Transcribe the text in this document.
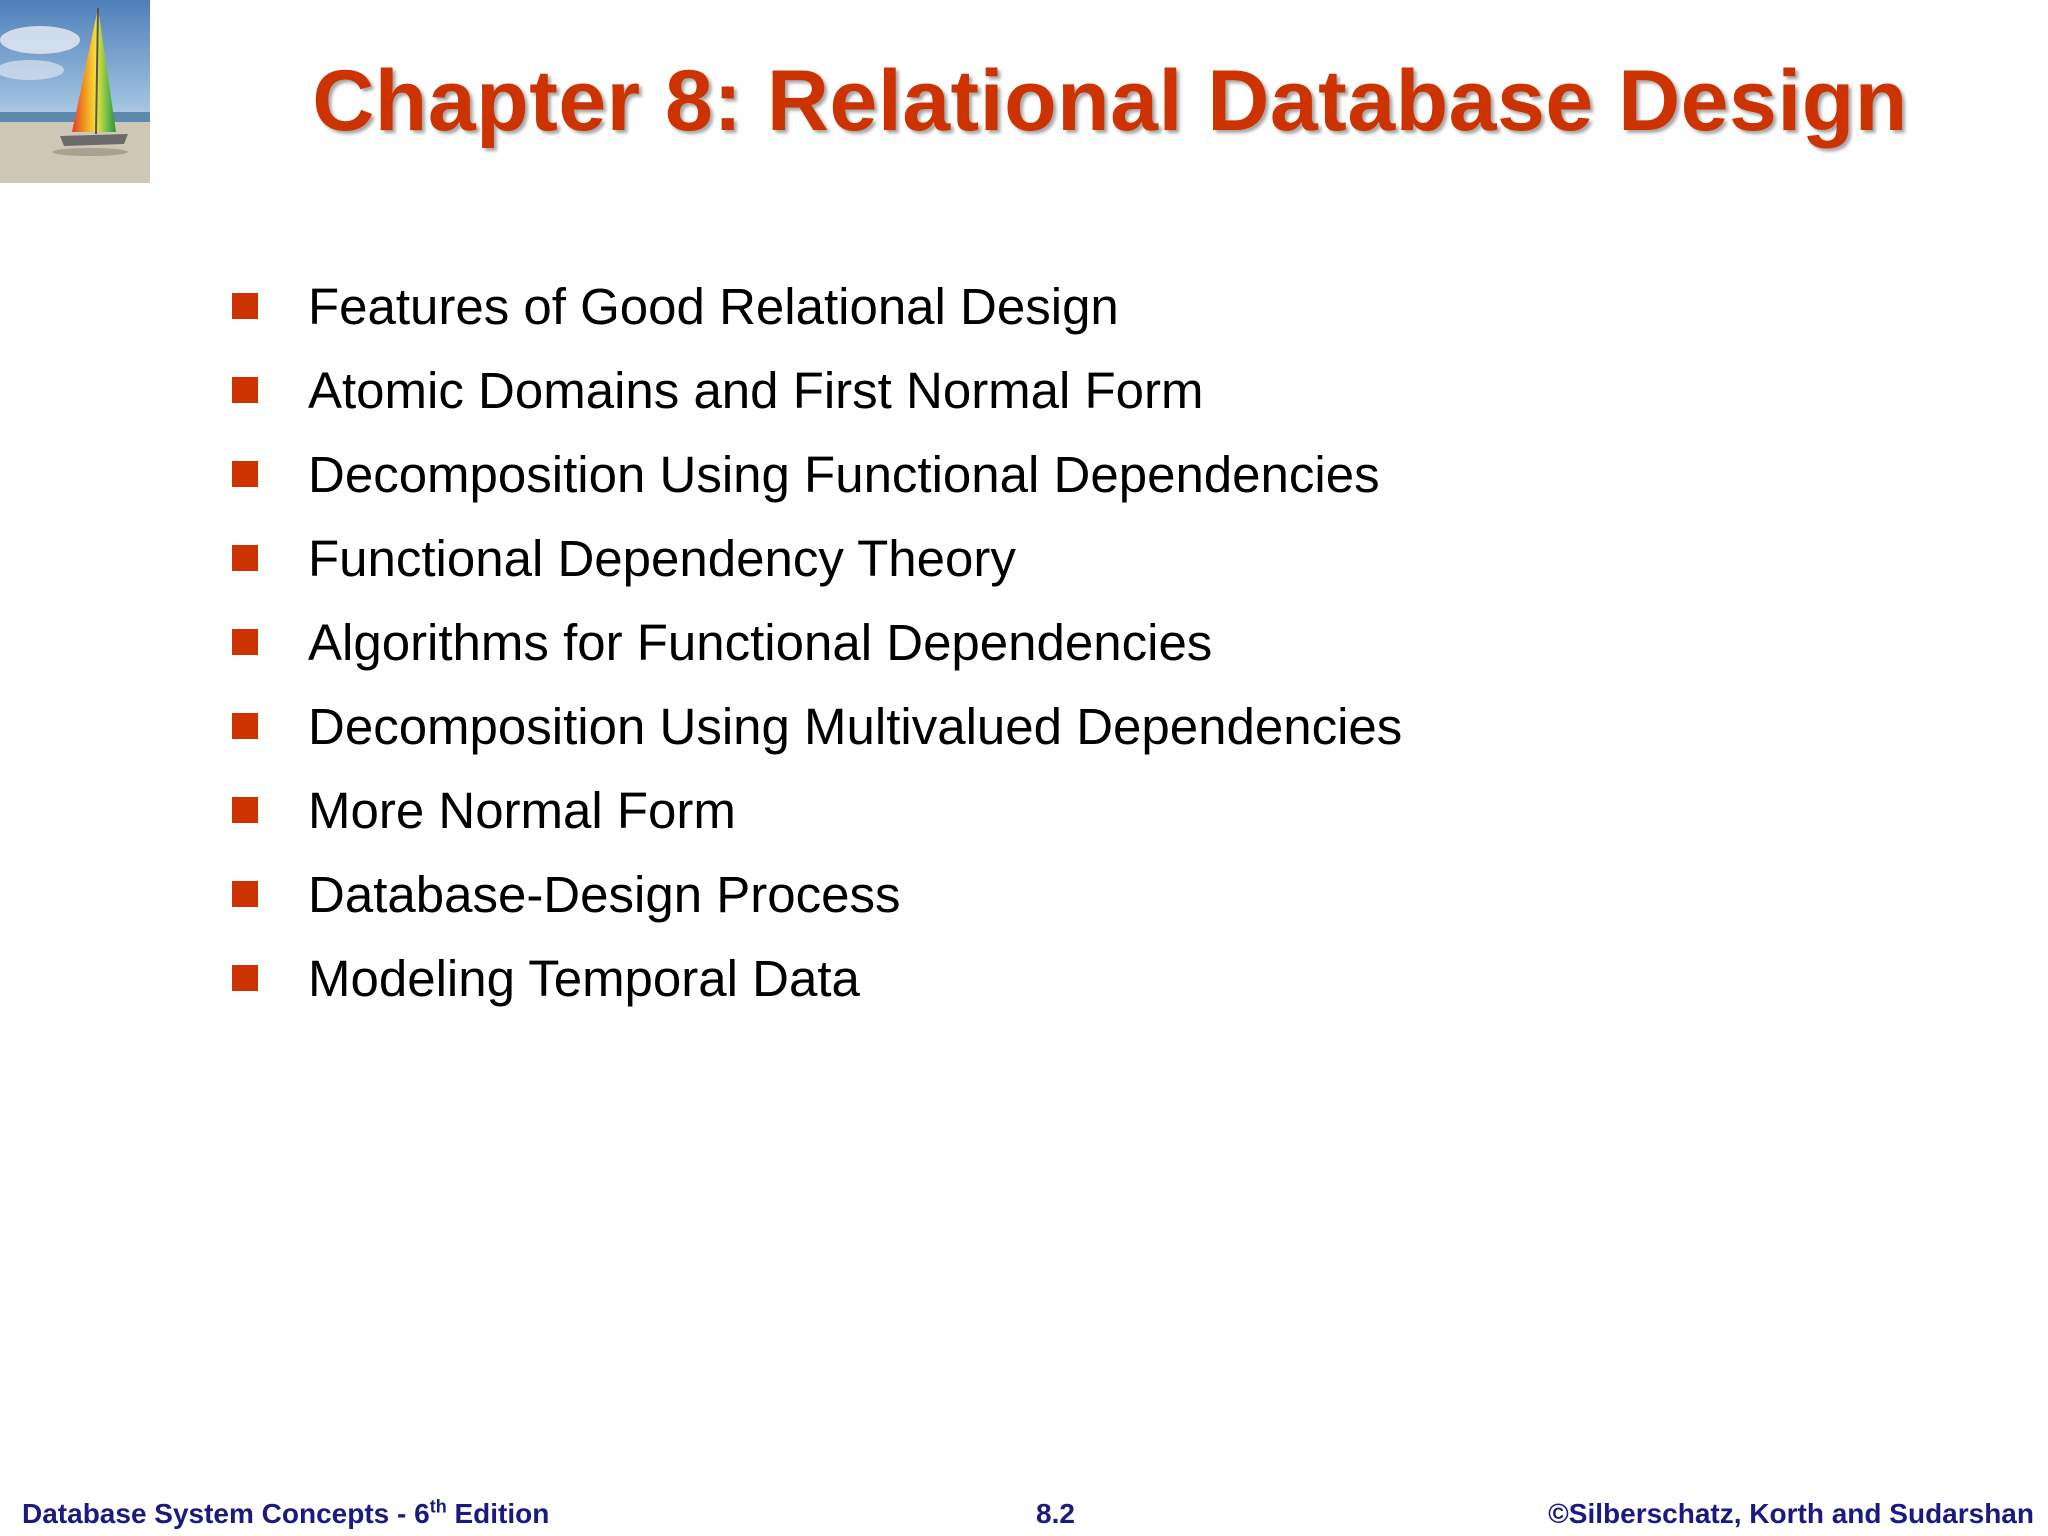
Chapter 8: Relational Database Design
Features of Good Relational Design
Atomic Domains and First Normal Form
Decomposition Using Functional Dependencies
Functional Dependency Theory
Algorithms for Functional Dependencies
Decomposition Using Multivalued Dependencies
More Normal Form
Database-Design Process
Modeling Temporal Data
Database System Concepts - 6th Edition	8.2	©Silberschatz, Korth and Sudarshan
